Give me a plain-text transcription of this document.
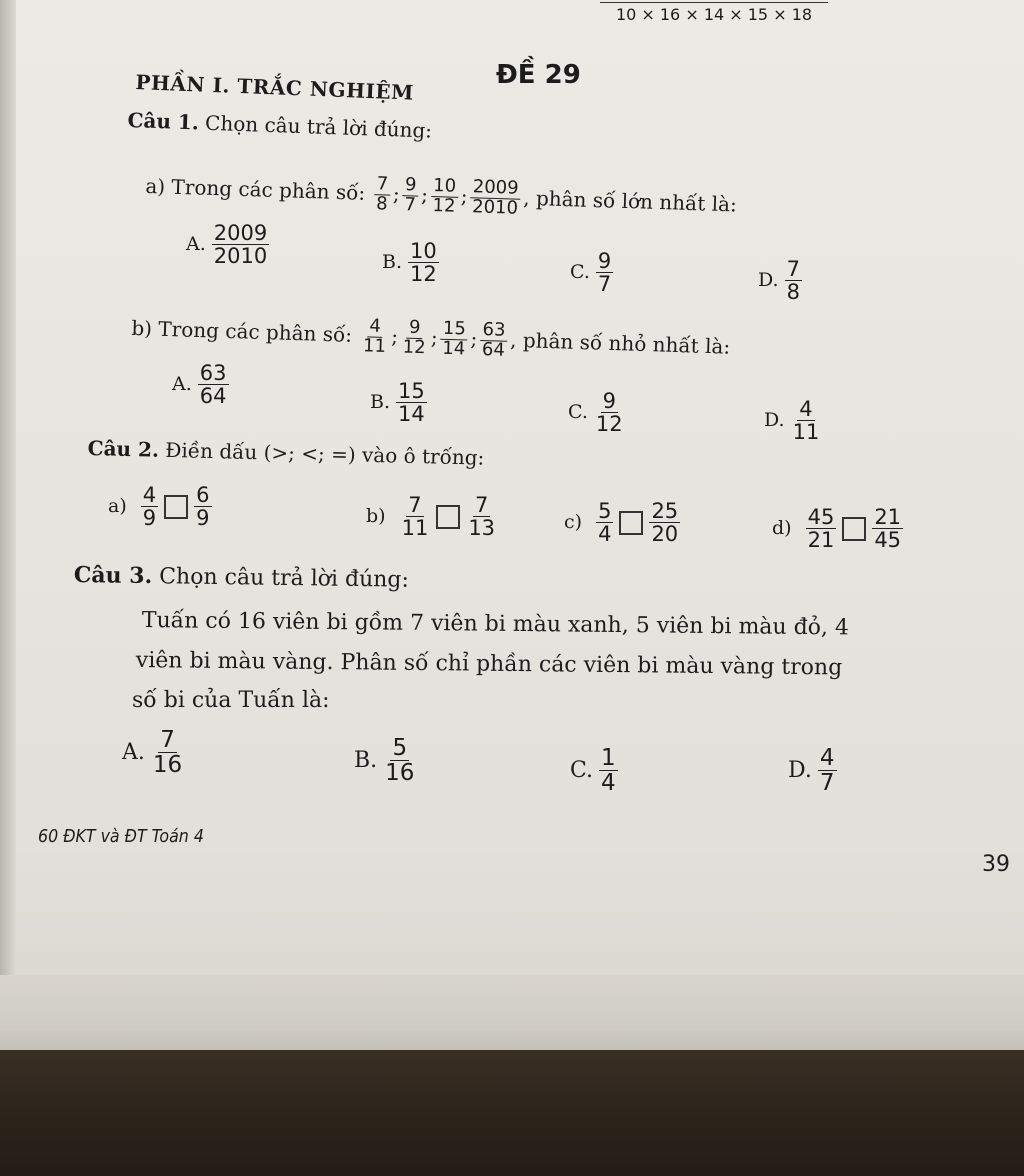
10 × 16 × 14 × 15 × 18
ĐỀ 29
PHẦN I. TRẮC NGHIỆM
Câu 1. Chọn câu trả lời đúng:
a) Trong các phân số: $\frac{7}{8}$ ; $\frac{9}{7}$ ; $\frac{10}{12}$ ; $\frac{2009}{2010}$ , phân số lớn nhất là:
A. $\frac{2009}{2010}$	B. $\frac{10}{12}$	C. $\frac{9}{7}$	D. $\frac{7}{8}$
b) Trong các phân số: $\frac{4}{11}$ ; $\frac{9}{12}$ ; $\frac{15}{14}$ ; $\frac{63}{64}$ , phân số nhỏ nhất là:
A. $\frac{63}{64}$	B. $\frac{15}{14}$	C. $\frac{9}{12}$	D. $\frac{4}{11}$
Câu 2. Điền dấu (>; <; =) vào ô trống:
$a) \frac{4}{9} \frac{6}{9}$	$b) \frac{7}{11} \frac{7}{13}$	$c) \frac{5}{4} \frac{25}{20}$	$d) \frac{45}{21} \frac{21}{45}$
Câu 3. Chọn câu trả lời đúng:
Tuấn có 16 viên bi gồm 7 viên bi màu xanh, 5 viên bi màu đỏ, 4
viên bi màu vàng. Phân số chỉ phần các viên bi màu vàng trong
số bi của Tuấn là:
A. $\frac{7}{16}$	B. $\frac{5}{16}$	C. $\frac{1}{4}$	D. $\frac{4}{7}$
60 ĐKT và ĐT Toán 4
39
